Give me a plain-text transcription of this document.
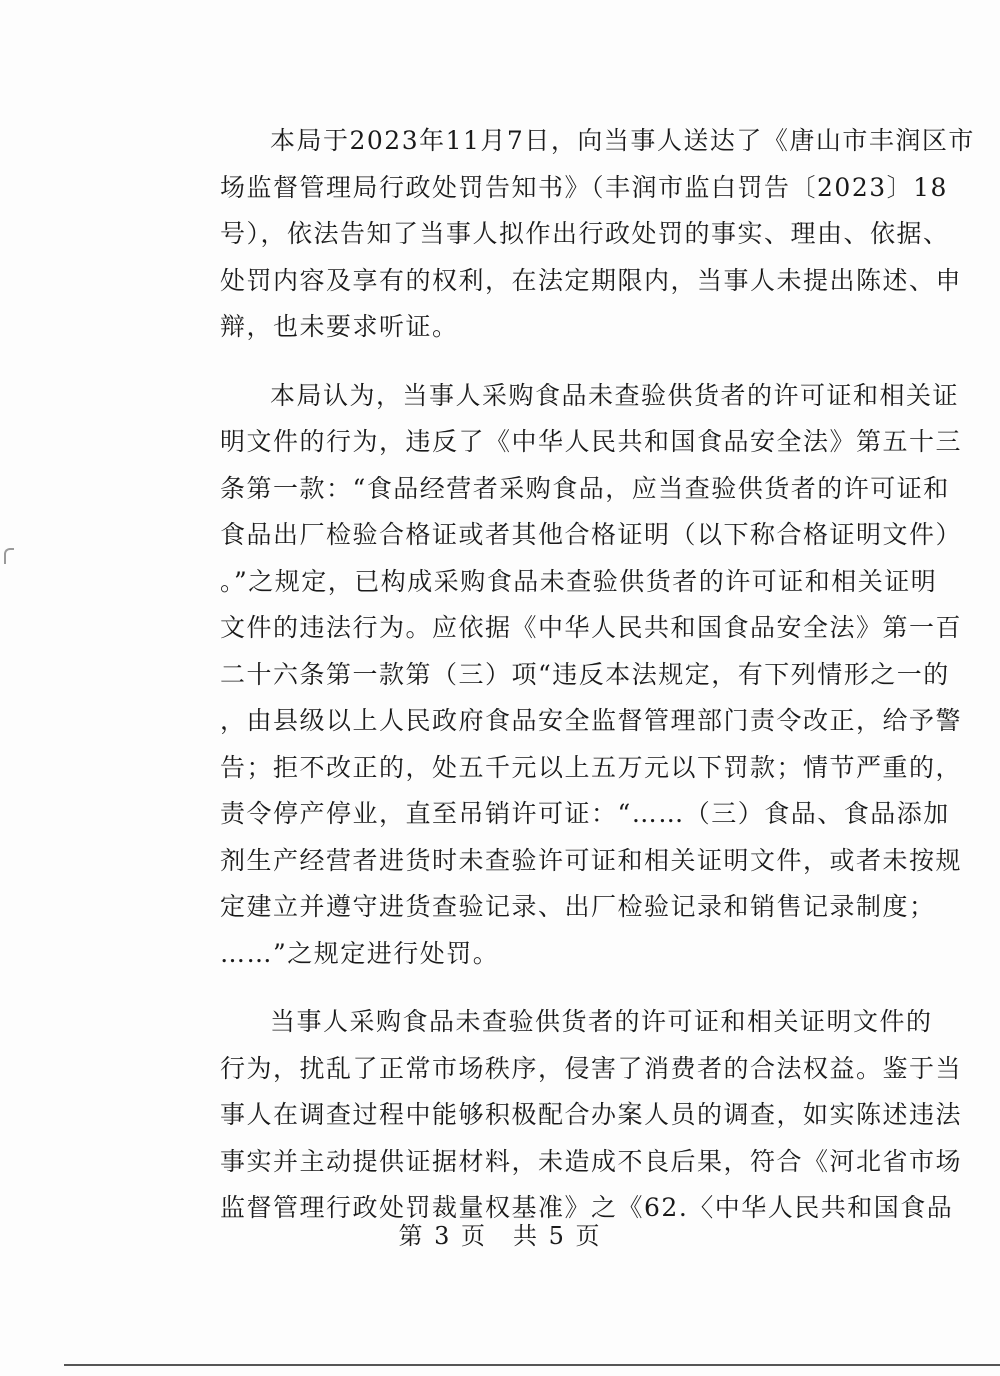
本局于2023年11月7日，向当事人送达了《唐山市丰润区市
场监督管理局行政处罚告知书》（丰润市监白罚告〔2023〕18
号），依法告知了当事人拟作出行政处罚的事实、理由、依据、
处罚内容及享有的权利，在法定期限内，当事人未提出陈述、申
辩，也未要求听证。

本局认为，当事人采购食品未查验供货者的许可证和相关证
明文件的行为，违反了《中华人民共和国食品安全法》第五十三
条第一款：“食品经营者采购食品，应当查验供货者的许可证和
食品出厂检验合格证或者其他合格证明（以下称合格证明文件）
。”之规定，已构成采购食品未查验供货者的许可证和相关证明
文件的违法行为。应依据《中华人民共和国食品安全法》第一百
二十六条第一款第（三）项“违反本法规定，有下列情形之一的
，由县级以上人民政府食品安全监督管理部门责令改正，给予警
告；拒不改正的，处五千元以上五万元以下罚款；情节严重的，
责令停产停业，直至吊销许可证：“……（三）食品、食品添加
剂生产经营者进货时未查验许可证和相关证明文件，或者未按规
定建立并遵守进货查验记录、出厂检验记录和销售记录制度；
……”之规定进行处罚。

当事人采购食品未查验供货者的许可证和相关证明文件的
行为，扰乱了正常市场秩序，侵害了消费者的合法权益。鉴于当
事人在调查过程中能够积极配合办案人员的调查，如实陈述违法
事实并主动提供证据材料，未造成不良后果，符合《河北省市场
监督管理行政处罚裁量权基准》之《62.〈中华人民共和国食品

第 3 页　共 5 页
